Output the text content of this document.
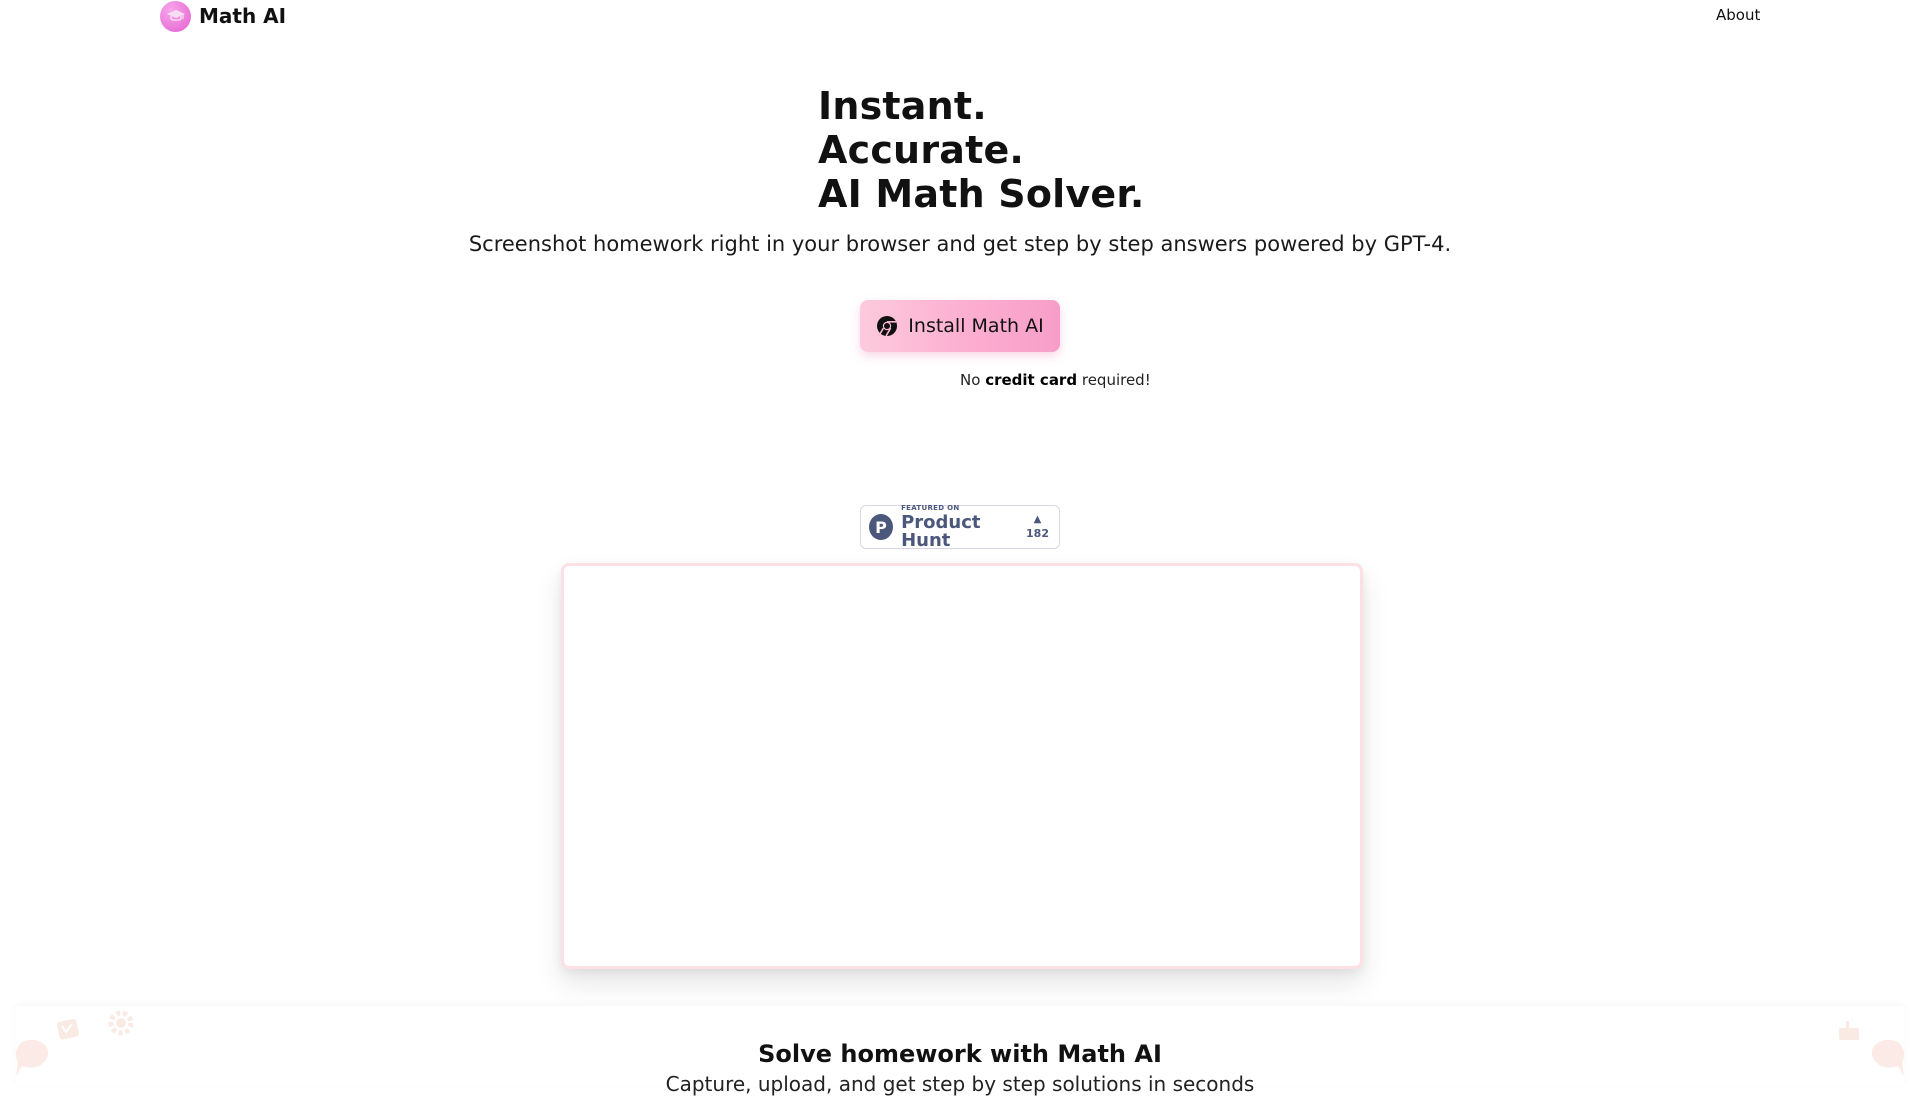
Math AI	About
Instant.
Accurate.
AI Math Solver.

Screenshot homework right in your browser and get step by step answers powered by GPT-4.

Install Math AI
No credit card required!
P
FEATURED ON
Product Hunt
▲
182
Solve homework with Math AI

Capture, upload, and get step by step solutions in seconds
